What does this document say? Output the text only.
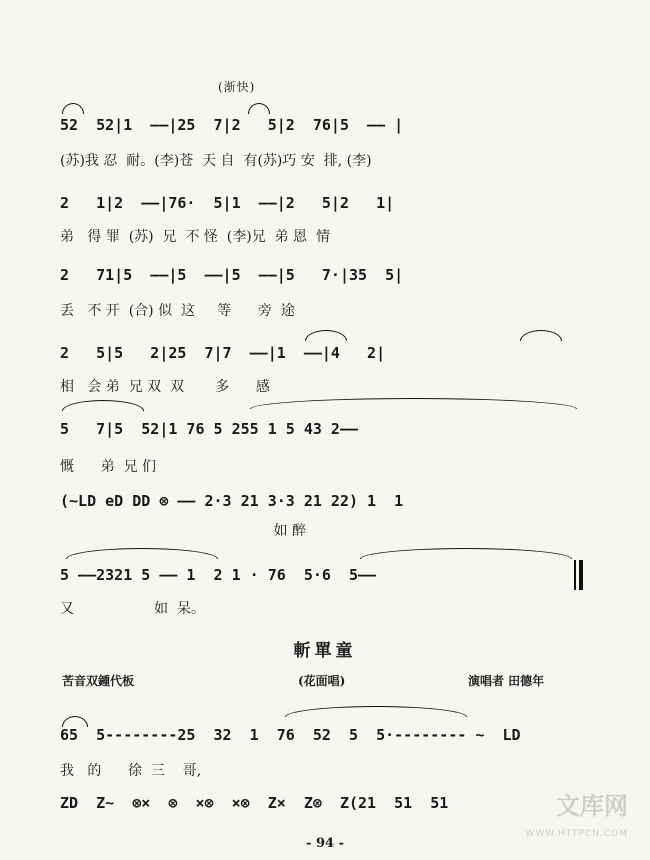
(渐快)
52  52|1  ——|25  7|2   5|2  76|5  —— |
(苏)我 忍  耐。(李)苍  天 自  有(苏)巧 安  排, (李)
2   1|2  ——|76·  5|1  ——|2   5|2   1|
弟   得 罪  (苏)  兄  不 怪  (李)兄  弟 恩  情
2   71|5  ——|5  ——|5  ——|5   7·|35  5|
丢   不 开  (合) 似  这     等      旁  途
2   5|5   2|25  7|7  ——|1  ——|4   2|
相   会 弟  兄 双  双       多      感
5   7|5  52|1 76 5 255 1 5 43 2——
慨      弟  兄 们
(~LD eD DD ⊗ —— 2·3 21 3·3 21 22) 1  1
如 醉
5 ——2321 5 —— 1  2 1 · 76  5·6  5——
又                  如  呆。
斬單童
苦音双鍾代板	(花面唱)	演唱者 田德年
65  5--------25  32  1  76  52  5  5·-------- ~  LD
我   的      徐  三    哥,
ZD  Z~  ⊗×  ⊗  ×⊗  ×⊗  Z×  Z⊗  Z(21  51  51
- 94 -
文库网
WWW.HTTPCN.COM
